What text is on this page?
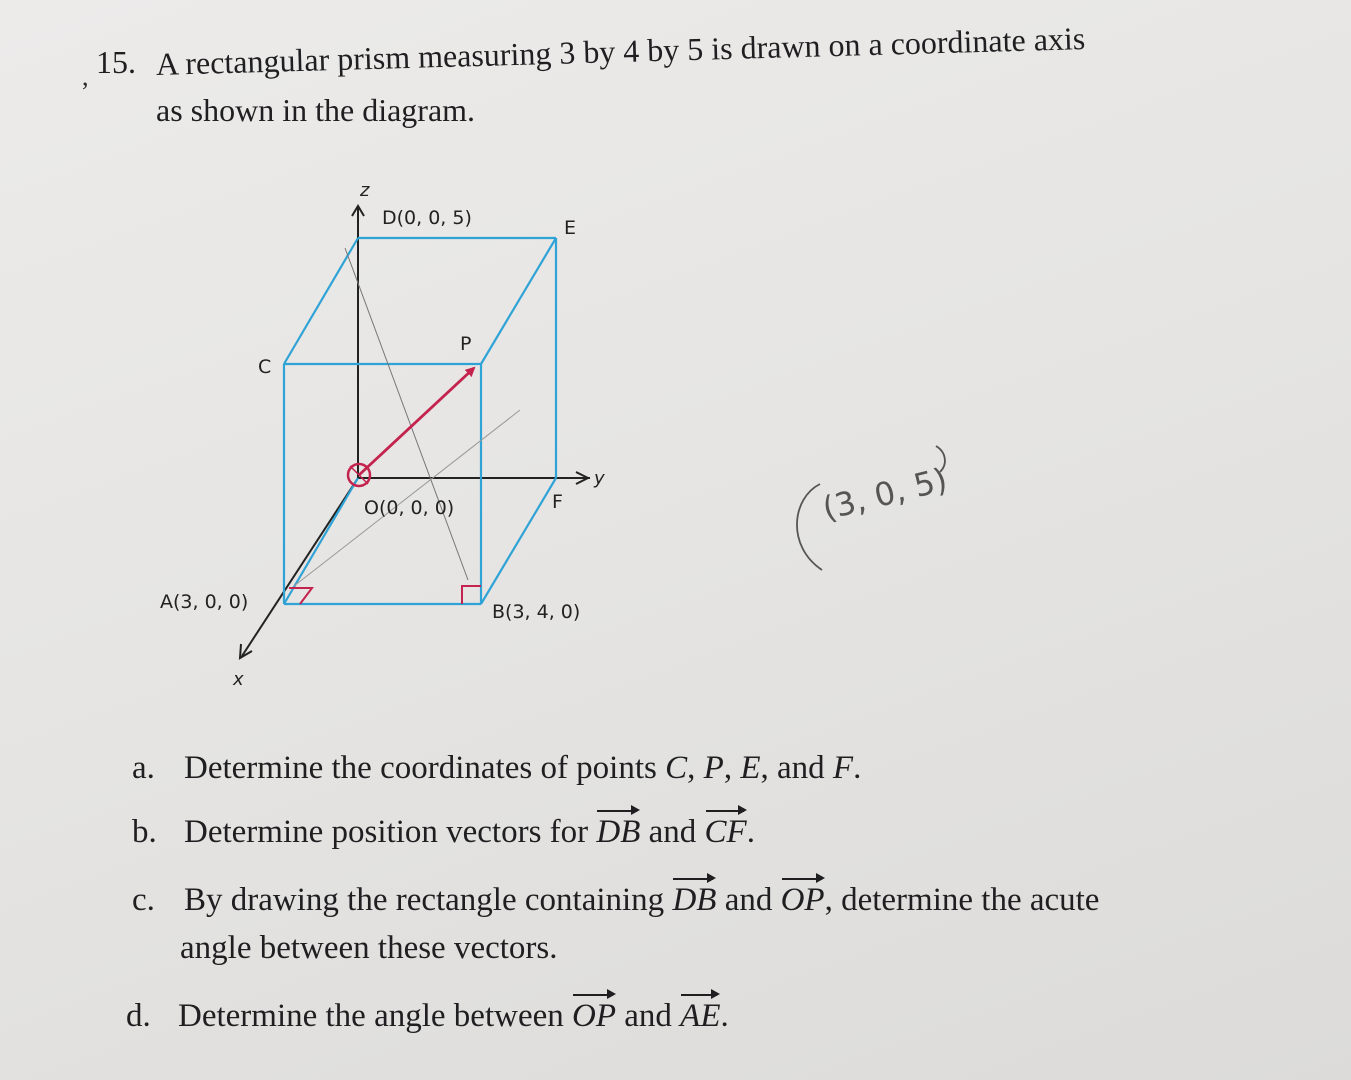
, 15. A rectangular prism measuring 3 by 4 by 5 is drawn on a coordinate axis
as shown in the diagram.
z
y
x
D(0, 0, 5)	E
C
P
O(0, 0, 0)	F
A(3, 0, 0)	B(3, 4, 0)
(3, 0, 5)
a. Determine the coordinates of points C, P, E, and F.
b. Determine position vectors for DB and CF.
c. By drawing the rectangle containing DB and OP, determine the acute
angle between these vectors.
d. Determine the angle between OP and AE.
